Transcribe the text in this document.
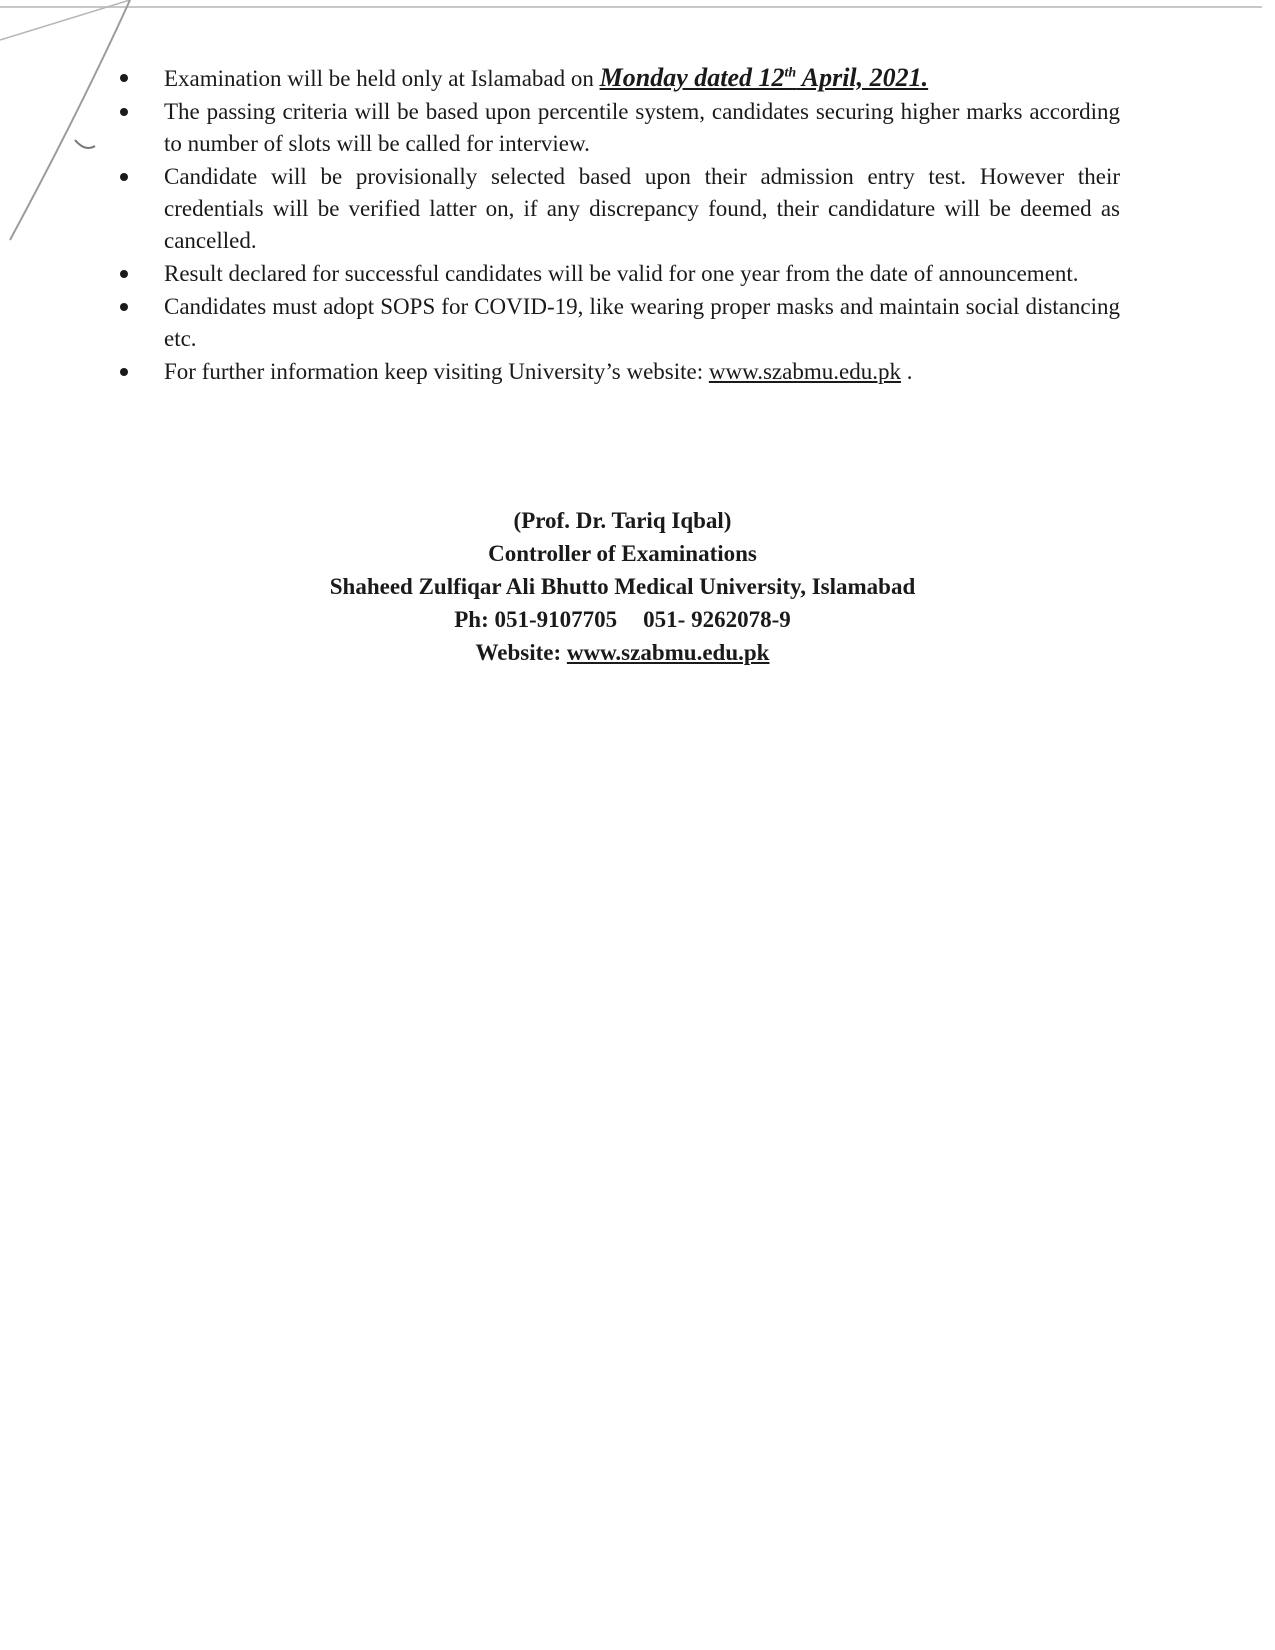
Examination will be held only at Islamabad on Monday dated 12th April, 2021.
The passing criteria will be based upon percentile system, candidates securing higher marks according to number of slots will be called for interview.
Candidate will be provisionally selected based upon their admission entry test. However their credentials will be verified latter on, if any discrepancy found, their candidature will be deemed as cancelled.
Result declared for successful candidates will be valid for one year from the date of announcement.
Candidates must adopt SOPS for COVID-19, like wearing proper masks and maintain social distancing etc.
For further information keep visiting University’s website: www.szabmu.edu.pk .
(Prof. Dr. Tariq Iqbal)
Controller of Examinations
Shaheed Zulfiqar Ali Bhutto Medical University, Islamabad
Ph: 051-9107705 051- 9262078-9
Website: www.szabmu.edu.pk
